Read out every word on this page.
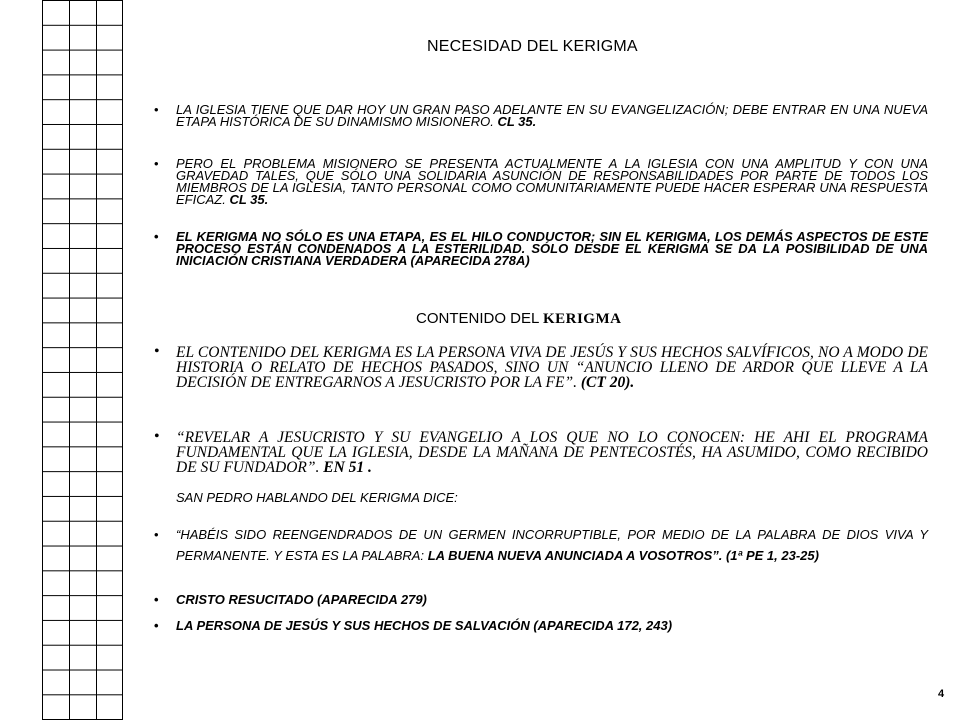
NECESIDAD DEL KERIGMA

• LA IGLESIA TIENE QUE DAR HOY UN GRAN PASO ADELANTE EN SU EVANGELIZACIÓN; DEBE ENTRAR EN UNA NUEVA ETAPA HISTÓRICA DE SU DINAMISMO MISIONERO. CL 35.

• PERO EL PROBLEMA MISIONERO SE PRESENTA ACTUALMENTE A LA IGLESIA CON UNA AMPLITUD Y CON UNA GRAVEDAD TALES, QUE SÓLO UNA SOLIDARIA ASUNCIÓN DE RESPONSABILIDADES POR PARTE DE TODOS LOS MIEMBROS DE LA IGLESIA, TANTO PERSONAL COMO COMUNITARIAMENTE PUEDE HACER ESPERAR UNA RESPUESTA EFICAZ. CL 35.

• EL KERIGMA NO SÓLO ES UNA ETAPA, ES EL HILO CONDUCTOR; SIN EL KERIGMA, LOS DEMÁS ASPECTOS DE ESTE PROCESO ESTÁN CONDENADOS A LA ESTERILIDAD. SÓLO DESDE EL KERIGMA SE DA LA POSIBILIDAD DE UNA INICIACIÓN CRISTIANA VERDADERA (APARECIDA 278A)

CONTENIDO DEL KERIGMA

• EL CONTENIDO DEL KERIGMA ES LA PERSONA VIVA DE JESÚS Y SUS HECHOS SALVÍFICOS, NO A MODO DE HISTORIA O RELATO DE HECHOS PASADOS, SINO UN “ANUNCIO LLENO DE ARDOR QUE LLEVE A LA DECISIÓN DE ENTREGARNOS A JESUCRISTO POR LA FE”. (CT 20).

• “REVELAR A JESUCRISTO Y SU EVANGELIO A LOS QUE NO LO CONOCEN: HE AHI EL PROGRAMA FUNDAMENTAL QUE LA IGLESIA, DESDE LA MAÑANA DE PENTECOSTÉS, HA ASUMIDO, COMO RECIBIDO DE SU FUNDADOR”. EN 51 .

SAN PEDRO HABLANDO DEL KERIGMA DICE:

• “HABÉIS SIDO REENGENDRADOS DE UN GERMEN INCORRUPTIBLE, POR MEDIO DE LA PALABRA DE DIOS VIVA Y PERMANENTE. Y ESTA ES LA PALABRA: LA BUENA NUEVA ANUNCIADA A VOSOTROS”. (1ª PE 1, 23-25)

• CRISTO RESUCITADO (APARECIDA 279)

• LA PERSONA DE JESÚS Y SUS HECHOS DE SALVACIÓN (APARECIDA 172, 243)

4
